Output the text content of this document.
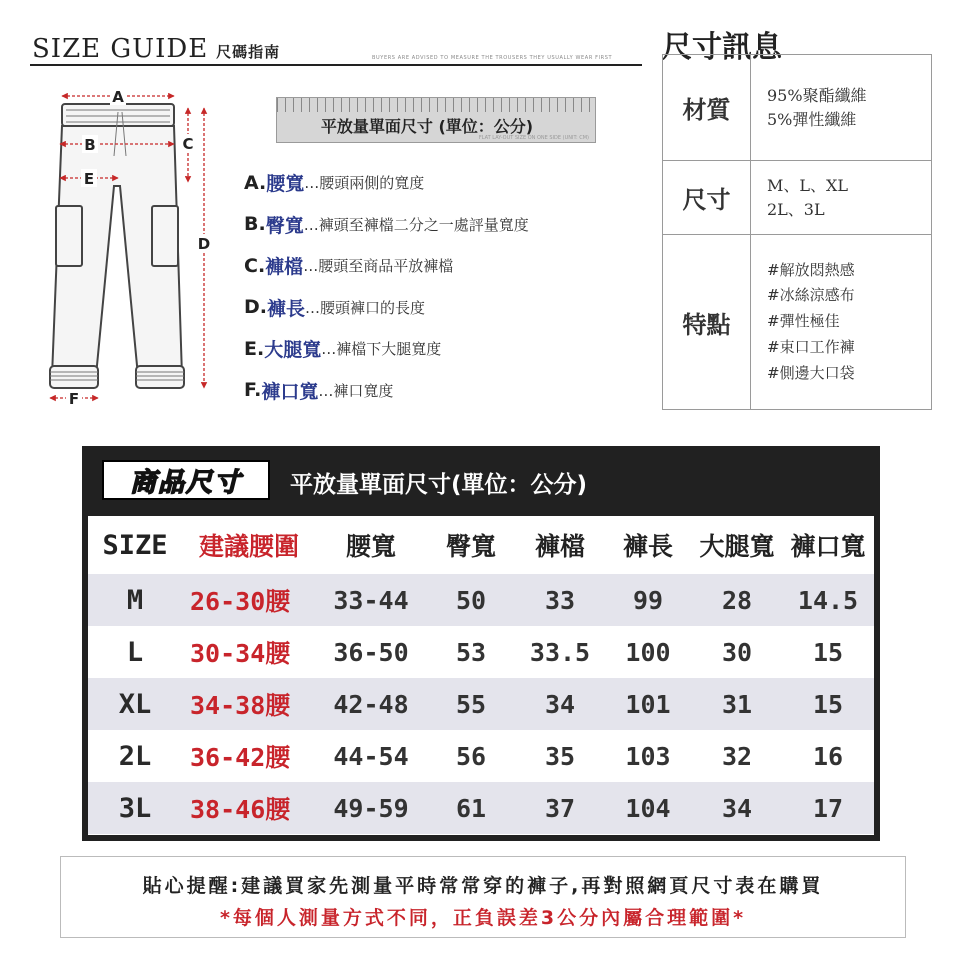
SIZE GUIDE 尺碼指南	BUYERS ARE ADVISED TO MEASURE THE TROUSERS THEY USUALLY WEAR FIRST
A
B	C
D
E
F
平放量單面尺寸 (單位：公分)
FLAT LAY-OUT SIZE ON ONE SIDE (UNIT: CM)
A. 腰寬 …腰頭兩側的寬度
B. 臀寬 …褲頭至褲檔二分之一處評量寬度
C. 褲檔 …腰頭至商品平放褲檔
D. 褲長 …腰頭褲口的長度
E. 大腿寬 …褲檔下大腿寬度
F. 褲口寬 …褲口寬度
尺寸訊息
材質	95%聚酯纖維
5%彈性纖維
尺寸	M、L、XL
2L、3L
特點
#解放悶熱感
#冰絲涼感布
#彈性極佳
#束口工作褲
#側邊大口袋
商品尺寸 平放量單面尺寸(單位：公分)
SIZE	建議腰圍	腰寬	臀寬	褲檔	褲長	大腿寬	褲口寬
M	26-30腰	33-44	50	33	99	28	14.5
L	30-34腰	36-50	53	33.5	100	30	15
XL	34-38腰	42-48	55	34	101	31	15
2L	36-42腰	44-54	56	35	103	32	16
3L	38-46腰	49-59	61	37	104	34	17
貼心提醒:建議買家先測量平時常常穿的褲子,再對照網頁尺寸表在購買
*每個人測量方式不同，正負誤差3公分內屬合理範圍*
